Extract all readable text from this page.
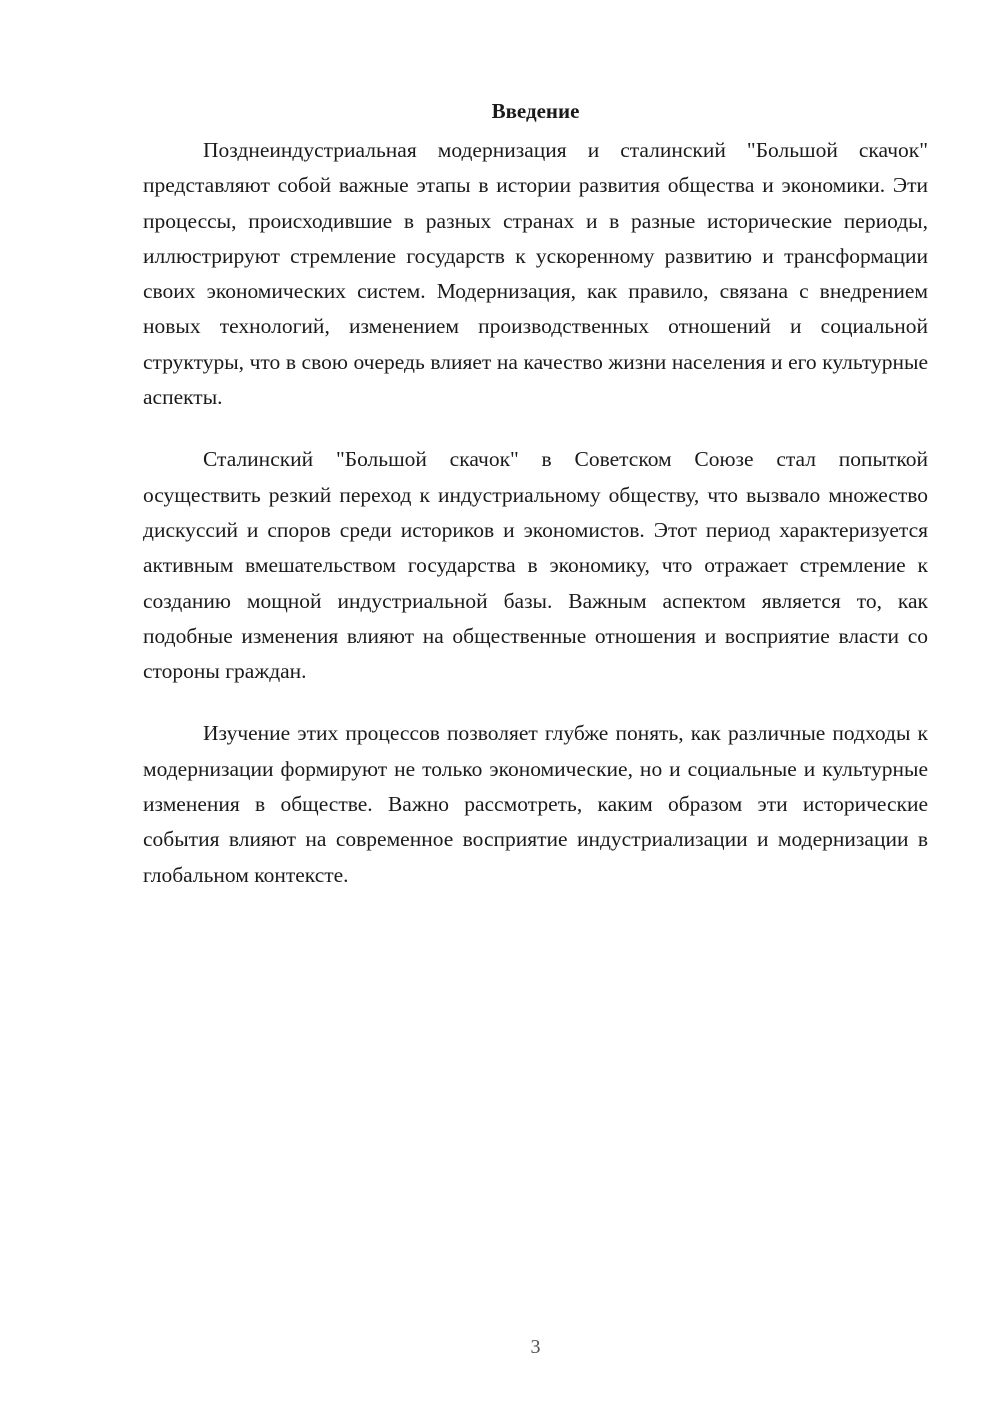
Введение

Позднеиндустриальная модернизация и сталинский "Большой скачок" представляют собой важные этапы в истории развития общества и экономики. Эти процессы, происходившие в разных странах и в разные исторические периоды, иллюстрируют стремление государств к ускоренному развитию и трансформации своих экономических систем. Модернизация, как правило, связана с внедрением новых технологий, изменением производственных отношений и социальной структуры, что в свою очередь влияет на качество жизни населения и его культурные аспекты.

Сталинский "Большой скачок" в Советском Союзе стал попыткой осуществить резкий переход к индустриальному обществу, что вызвало множество дискуссий и споров среди историков и экономистов. Этот период характеризуется активным вмешательством государства в экономику, что отражает стремление к созданию мощной индустриальной базы. Важным аспектом является то, как подобные изменения влияют на общественные отношения и восприятие власти со стороны граждан.

Изучение этих процессов позволяет глубже понять, как различные подходы к модернизации формируют не только экономические, но и социальные и культурные изменения в обществе. Важно рассмотреть, каким образом эти исторические события влияют на современное восприятие индустриализации и модернизации в глобальном контексте.

3
